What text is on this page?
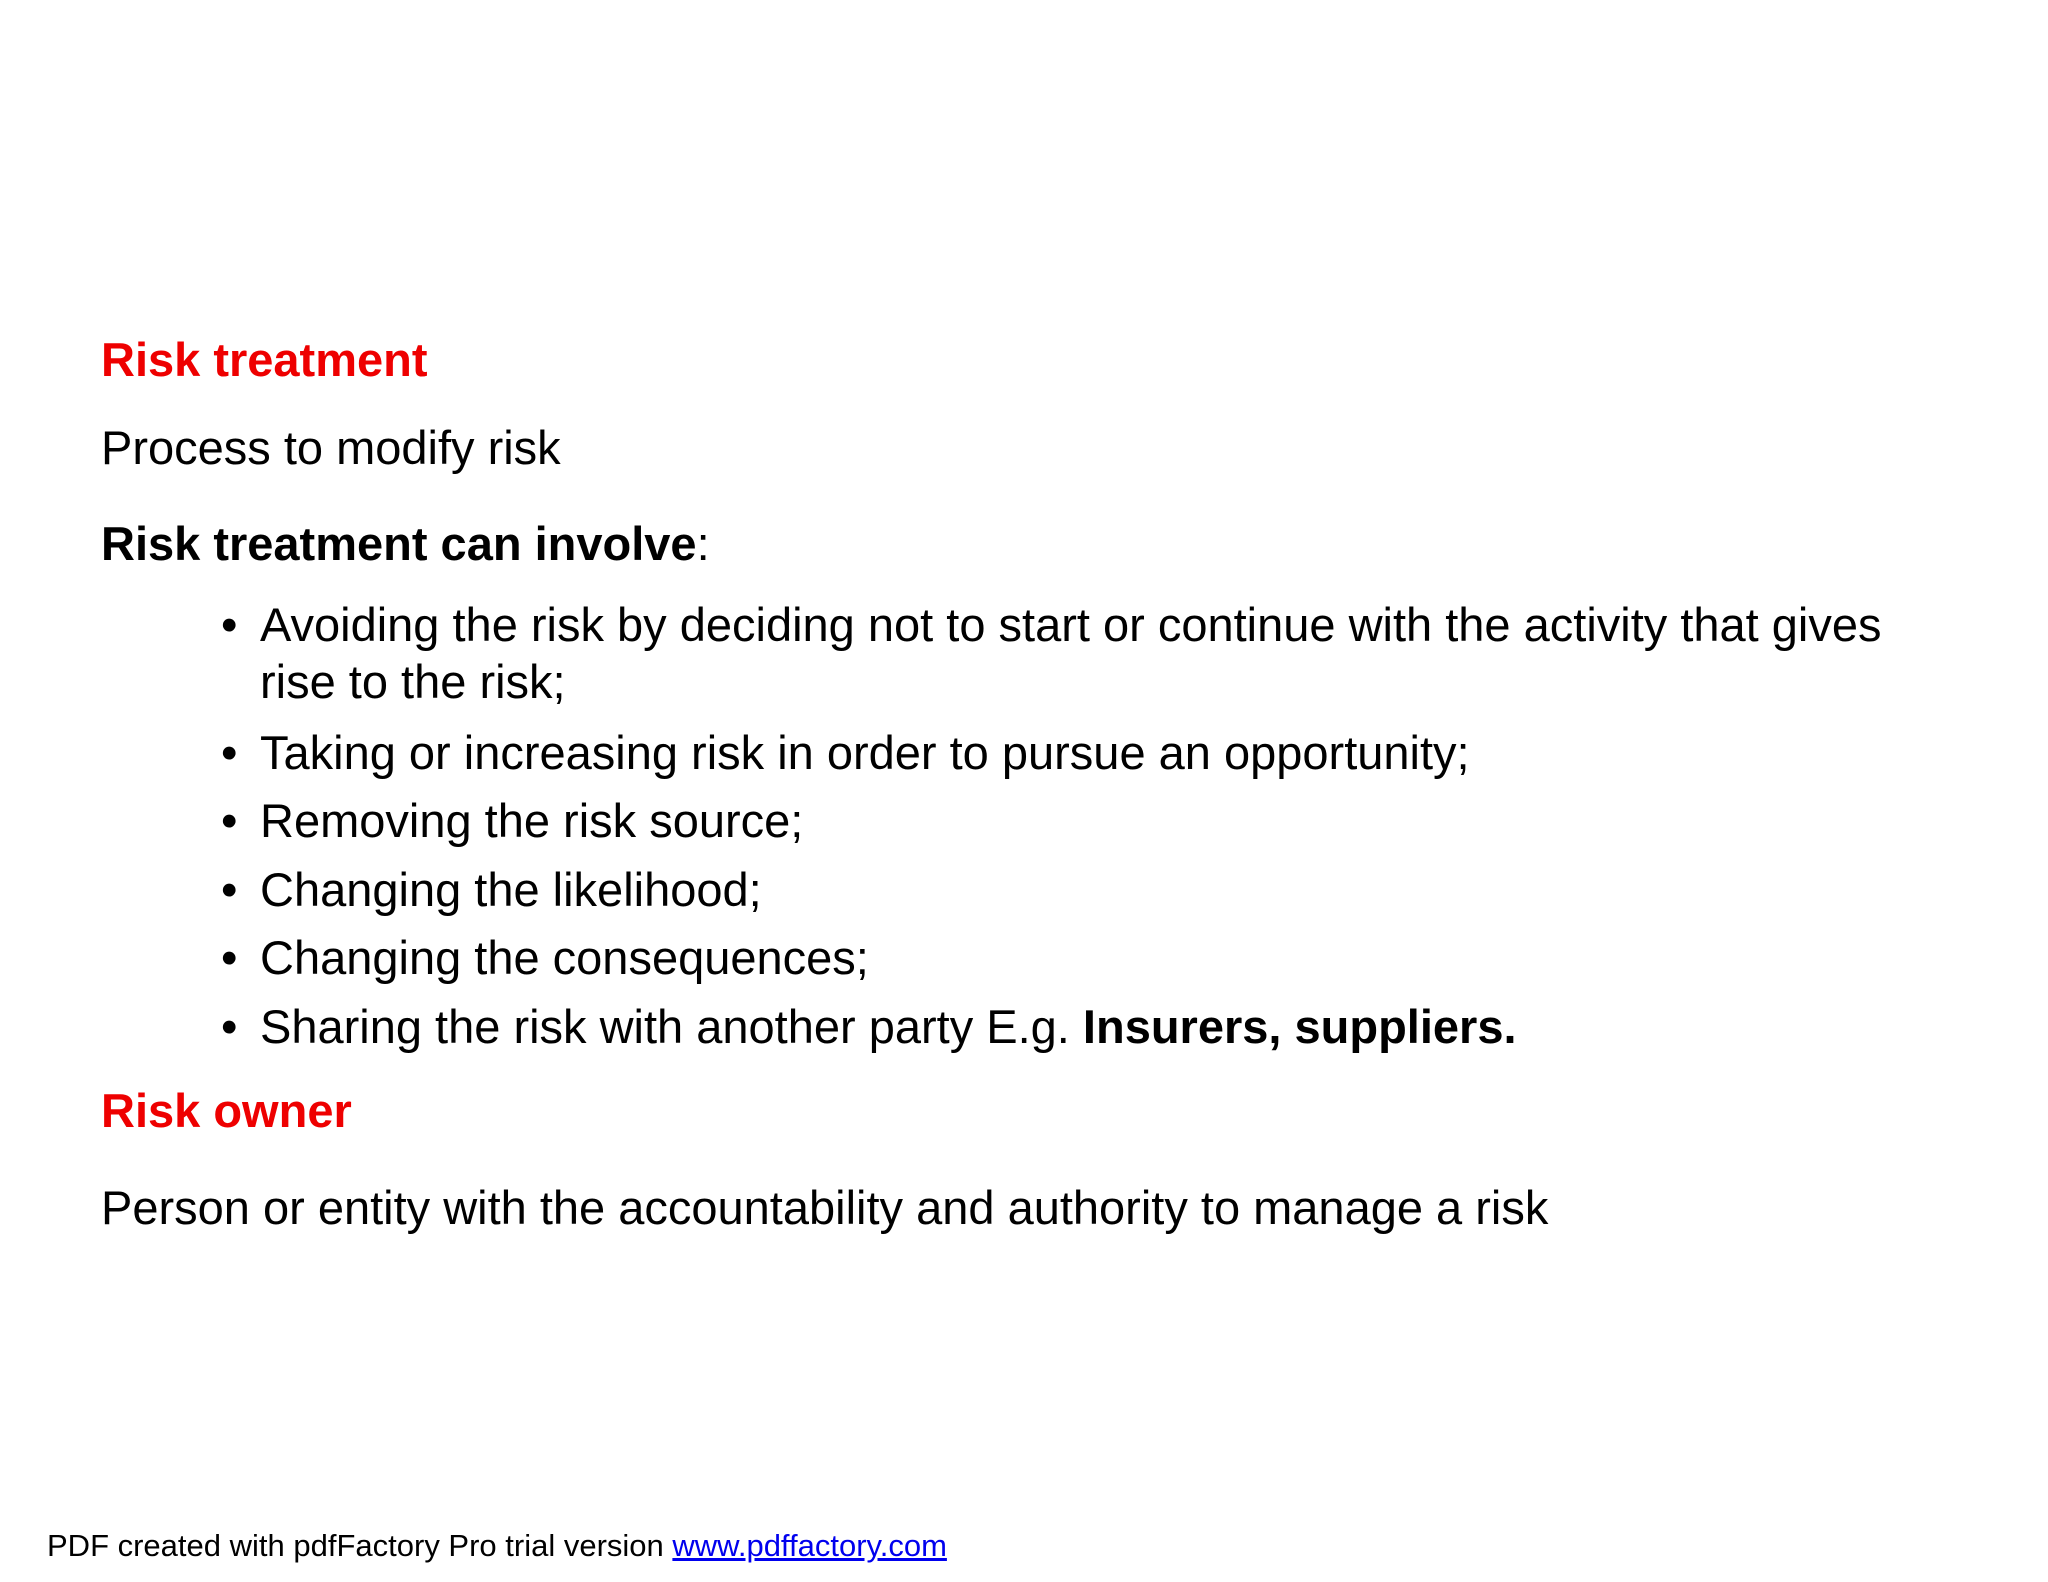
Risk treatment

Process to modify risk

Risk treatment can involve:

• Avoiding the risk by deciding not to start or continue with the activity that gives
rise to the risk;
• Taking or increasing risk in order to pursue an opportunity;
• Removing the risk source;
• Changing the likelihood;
• Changing the consequences;
• Sharing the risk with another party E.g. Insurers, suppliers.
Risk owner

Person or entity with the accountability and authority to manage a risk

PDF created with pdfFactory Pro trial version www.pdffactory.com
